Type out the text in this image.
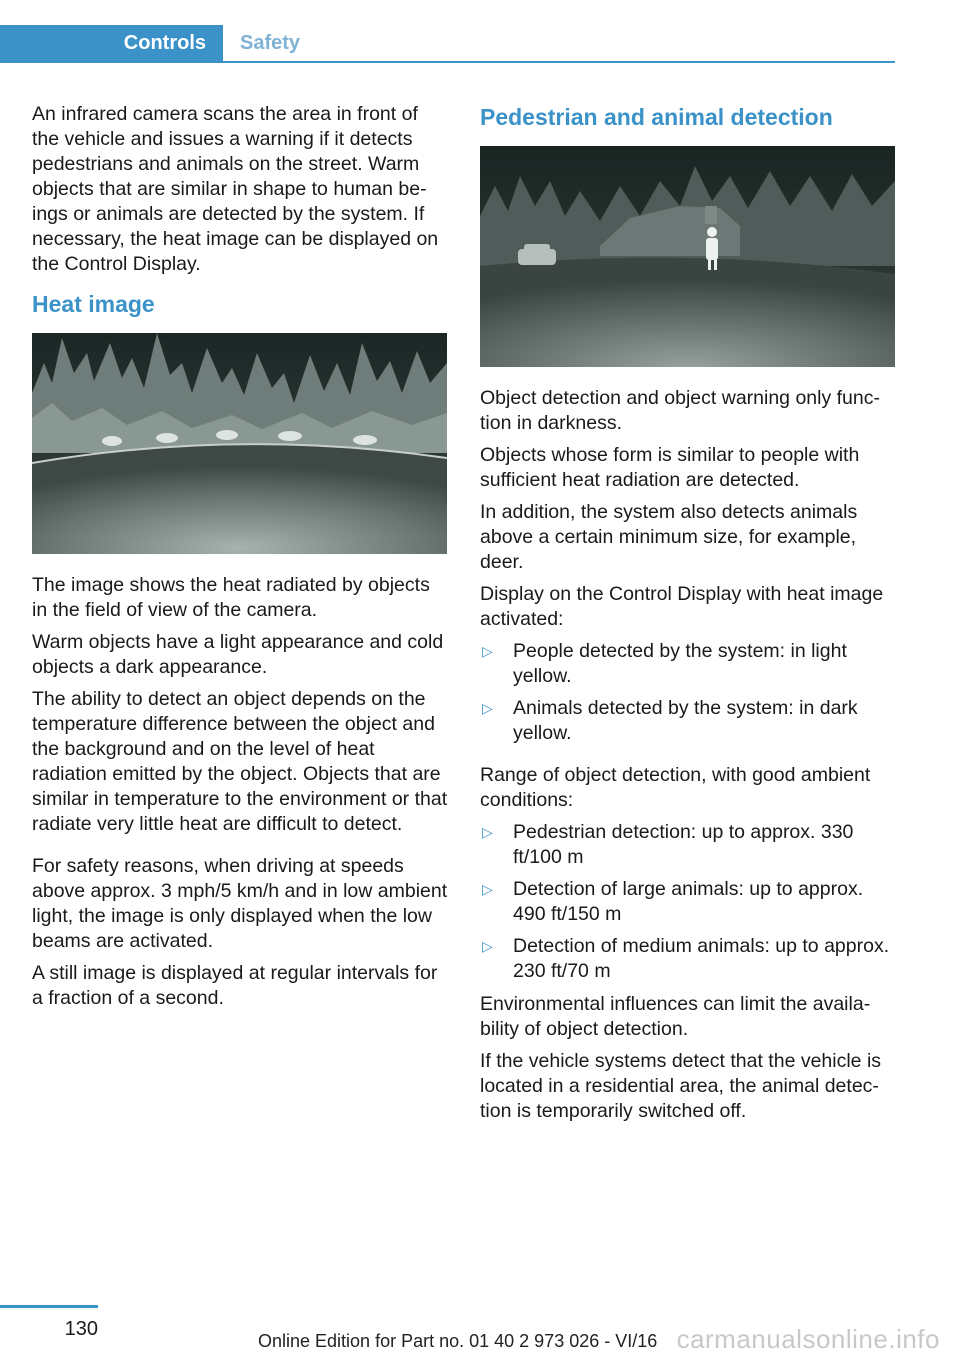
Controls	Safety

An infrared camera scans the area in front of the vehicle and issues a warning if it detects pedestrians and animals on the street. Warm objects that are similar in shape to human beings or animals are detected by the system. If necessary, the heat image can be displayed on the Control Display.

Heat image

The image shows the heat radiated by objects in the field of view of the camera.

Warm objects have a light appearance and cold objects a dark appearance.

The ability to detect an object depends on the temperature difference between the object and the background and on the level of heat radiation emitted by the object. Objects that are similar in temperature to the environment or that radiate very little heat are difficult to detect.

For safety reasons, when driving at speeds above approx. 3 mph/5 km/h and in low ambient light, the image is only displayed when the low beams are activated.

A still image is displayed at regular intervals for a fraction of a second.

Pedestrian and animal detection

Object detection and object warning only function in darkness.

Objects whose form is similar to people with sufficient heat radiation are detected.

In addition, the system also detects animals above a certain minimum size, for example, deer.

Display on the Control Display with heat image activated:

▷ People detected by the system: in light yellow.
▷ Animals detected by the system: in dark yellow.

Range of object detection, with good ambient conditions:

▷ Pedestrian detection: up to approx. 330 ft/100 m
▷ Detection of large animals: up to approx. 490 ft/150 m
▷ Detection of medium animals: up to approx. 230 ft/70 m

Environmental influences can limit the availability of object detection.

If the vehicle systems detect that the vehicle is located in a residential area, the animal detection is temporarily switched off.

130
Online Edition for Part no. 01 40 2 973 026 - VI/16 carmanualsonline.info
